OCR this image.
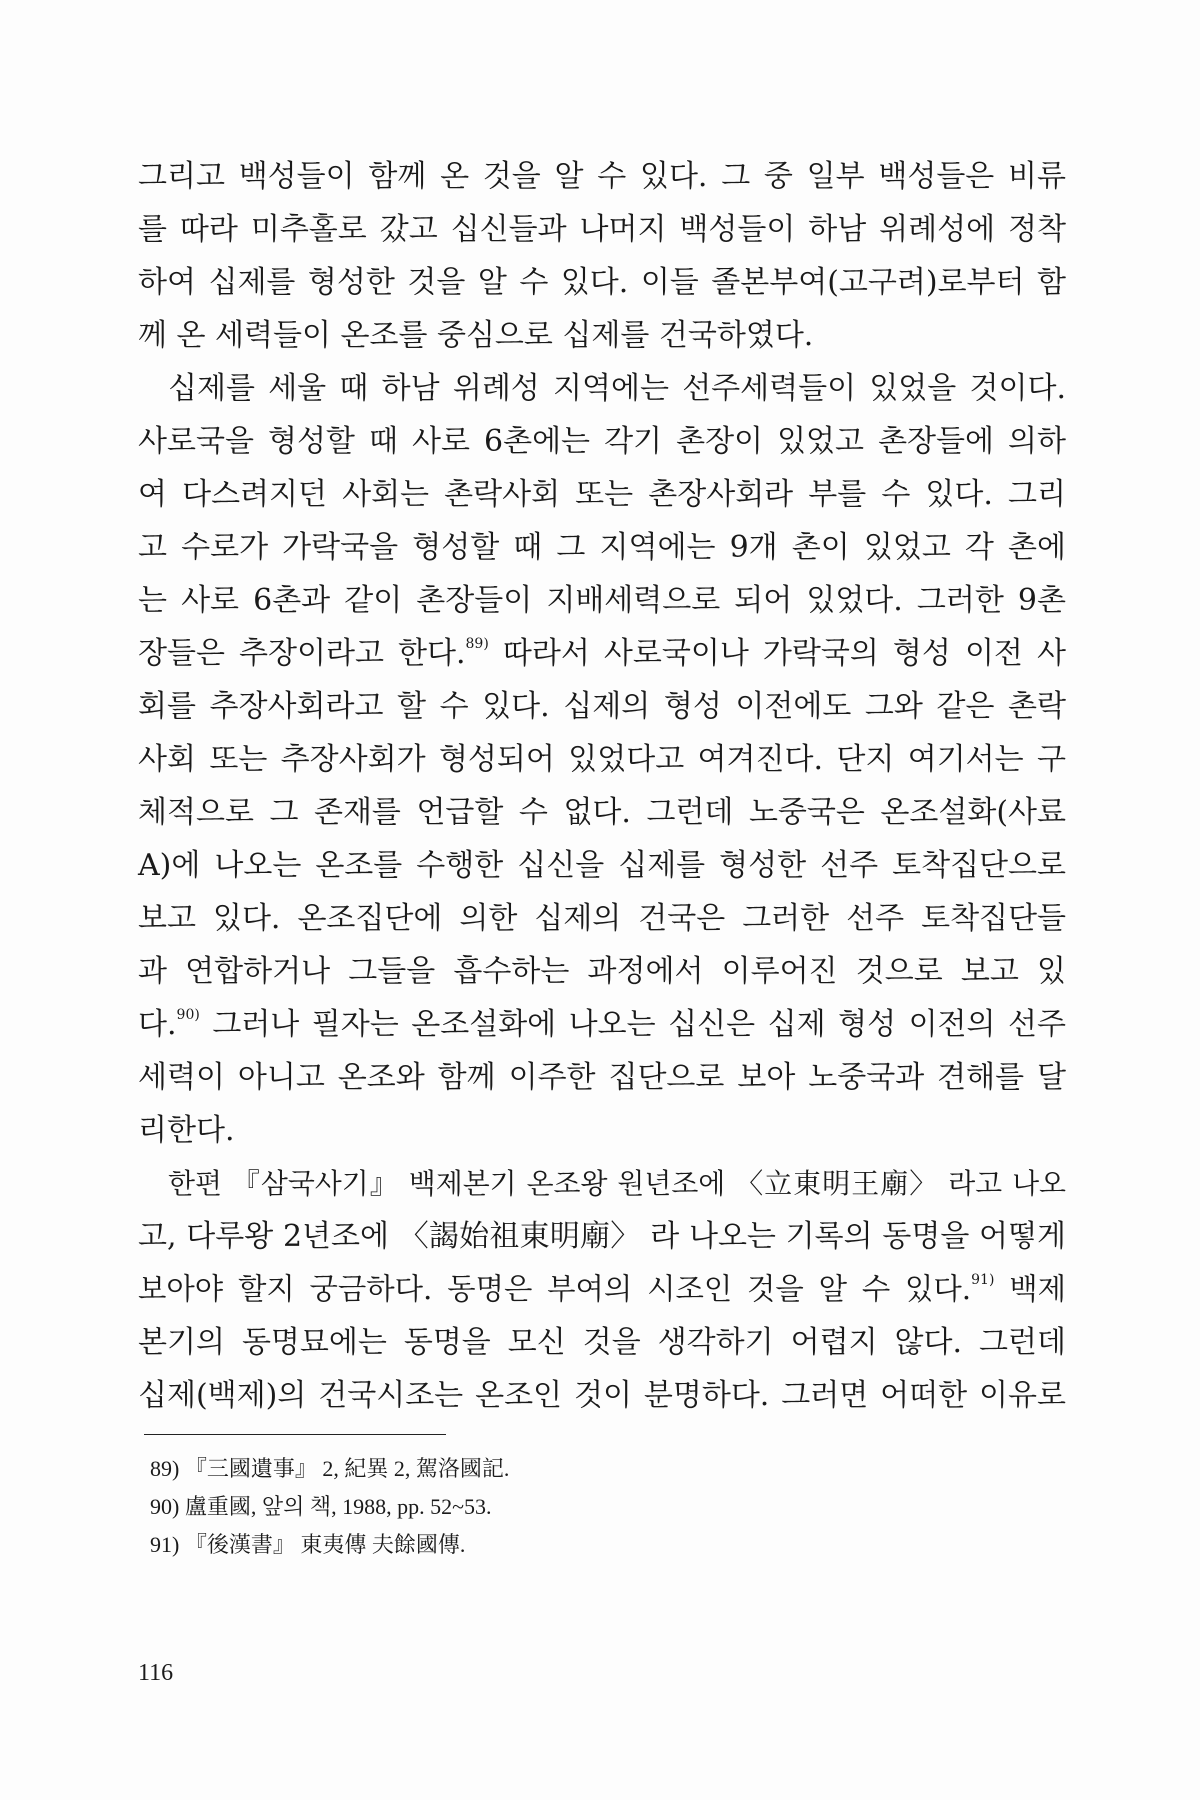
그리고 백성들이 함께 온 것을 알 수 있다. 그 중 일부 백성들은 비류
를 따라 미추홀로 갔고 십신들과 나머지 백성들이 하남 위례성에 정착
하여 십제를 형성한 것을 알 수 있다. 이들 졸본부여(고구려)로부터 함
께 온 세력들이 온조를 중심으로 십제를 건국하였다.
십제를 세울 때 하남 위례성 지역에는 선주세력들이 있었을 것이다.
사로국을 형성할 때 사로 6촌에는 각기 촌장이 있었고 촌장들에 의하
여 다스려지던 사회는 촌락사회 또는 촌장사회라 부를 수 있다. 그리
고 수로가 가락국을 형성할 때 그 지역에는 9개 촌이 있었고 각 촌에
는 사로 6촌과 같이 촌장들이 지배세력으로 되어 있었다. 그러한 9촌
장들은 추장이라고 한다.$^{89)}$ 따라서 사로국이나 가락국의 형성 이전 사
회를 추장사회라고 할 수 있다. 십제의 형성 이전에도 그와 같은 촌락
사회 또는 추장사회가 형성되어 있었다고 여겨진다. 단지 여기서는 구
체적으로 그 존재를 언급할 수 없다. 그런데 노중국은 온조설화(사료
A)에 나오는 온조를 수행한 십신을 십제를 형성한 선주 토착집단으로
보고 있다. 온조집단에 의한 십제의 건국은 그러한 선주 토착집단들
과 연합하거나 그들을 흡수하는 과정에서 이루어진 것으로 보고 있
다.$^{90)}$ 그러나 필자는 온조설화에 나오는 십신은 십제 형성 이전의 선주
세력이 아니고 온조와 함께 이주한 집단으로 보아 노중국과 견해를 달
리한다.
한편 『삼국사기』 백제본기 온조왕 원년조에 〈立東明王廟〉 라고 나오
고, 다루왕 2년조에 〈謁始祖東明廟〉 라 나오는 기록의 동명을 어떻게
보아야 할지 궁금하다. 동명은 부여의 시조인 것을 알 수 있다.$^{91)}$ 백제
본기의 동명묘에는 동명을 모신 것을 생각하기 어렵지 않다. 그런데
십제(백제)의 건국시조는 온조인 것이 분명하다. 그러면 어떠한 이유로
89) 『三國遺事』 2, 紀異 2, 駕洛國記.
90) 盧重國, 앞의 책, 1988, pp. 52~53.
91) 『後漢書』 東夷傳 夫餘國傳.
116
